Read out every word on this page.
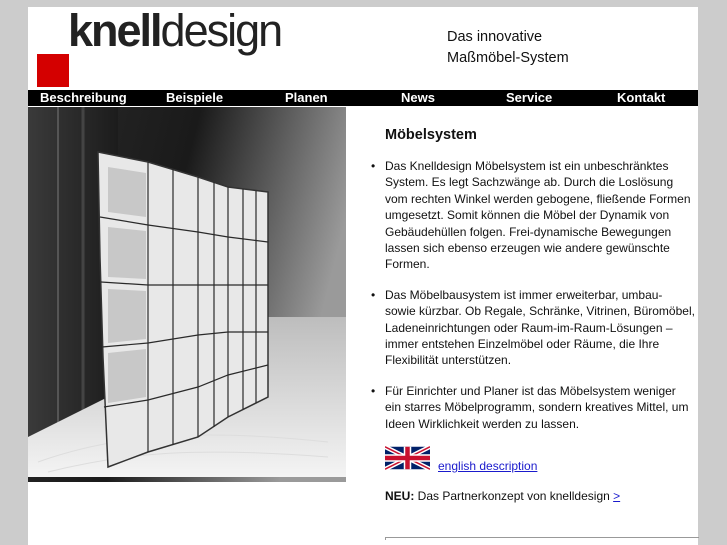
knelldesign	Das innovative
Maßmöbel-System
Beschreibung	Beispiele	Planen	News	Service	Kontakt
Möbelsystem
• Das Knelldesign Möbelsystem ist ein unbeschränktes System. Es legt Sachzwänge ab. Durch die Loslösung vom rechten Winkel werden gebogene, fließende Formen umgesetzt. Somit können die Möbel der Dynamik von Gebäudehüllen folgen. Frei-dynamische Bewegungen lassen sich ebenso erzeugen wie andere gewünschte Formen.
• Das Möbelbausystem ist immer erweiterbar, umbau- sowie kürzbar. Ob Regale, Schränke, Vitrinen, Büromöbel, Ladeneinrichtungen oder Raum-im-Raum-Lösungen – immer entstehen Einzelmöbel oder Räume, die Ihre Flexibilität unterstützen.
• Für Einrichter und Planer ist das Möbelsystem weniger ein starres Möbelprogramm, sondern kreatives Mittel, um Ideen Wirklichkeit werden zu lassen.
english description
NEU: Das Partnerkonzept von knelldesign >
